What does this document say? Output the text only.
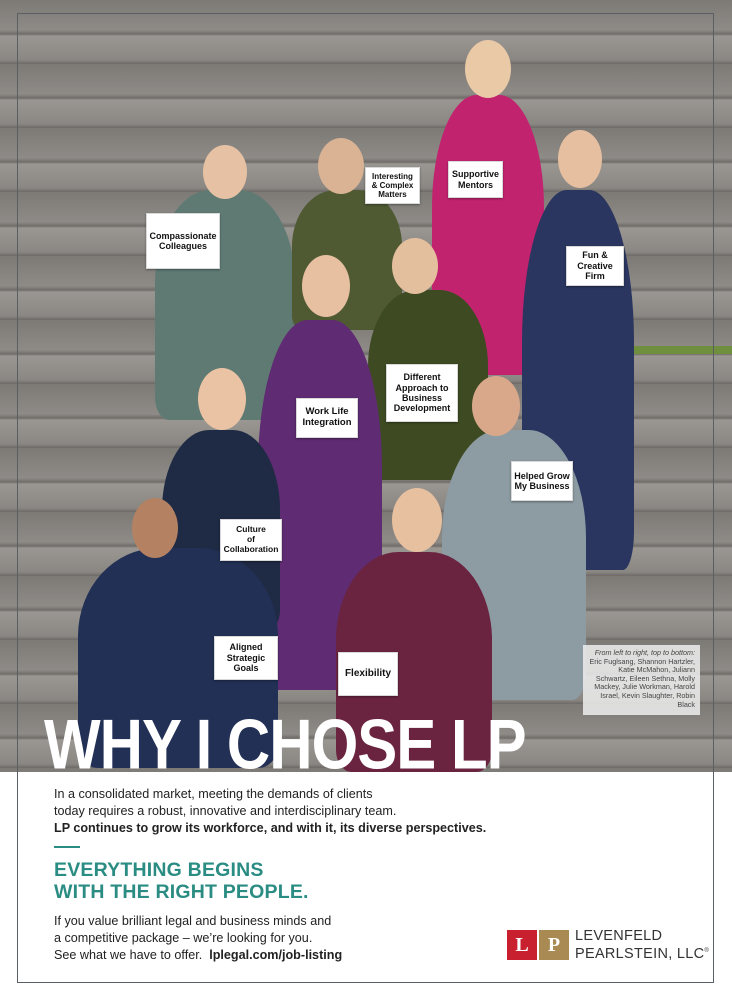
Compassionate
Colleagues
Interesting
& Complex
Matters
Supportive
Mentors
Fun &
Creative
Firm
Different
Approach to
Business
Development
Work Life
Integration
Helped Grow
My Business
Culture
of
Collaboration
Aligned
Strategic
Goals
Flexibility
From left to right, top to bottom:
Eric Fuglsang, Shannon Hartzler, Katie McMahon, Juliann Schwartz, Eileen Sethna, Molly Mackey, Julie Workman, Harold Israel, Kevin Slaughter, Robin Black
WHY I CHOSE LP
In a consolidated market, meeting the demands of clients
today requires a robust, innovative and interdisciplinary team.
LP continues to grow its workforce, and with it, its diverse perspectives.
EVERYTHING BEGINS
WITH THE RIGHT PEOPLE.
If you value brilliant legal and business minds and
a competitive package – we’re looking for you.
See what we have to offer. lplegal.com/job-listing	L P	LEVENFELD
PEARLSTEIN, LLC®
